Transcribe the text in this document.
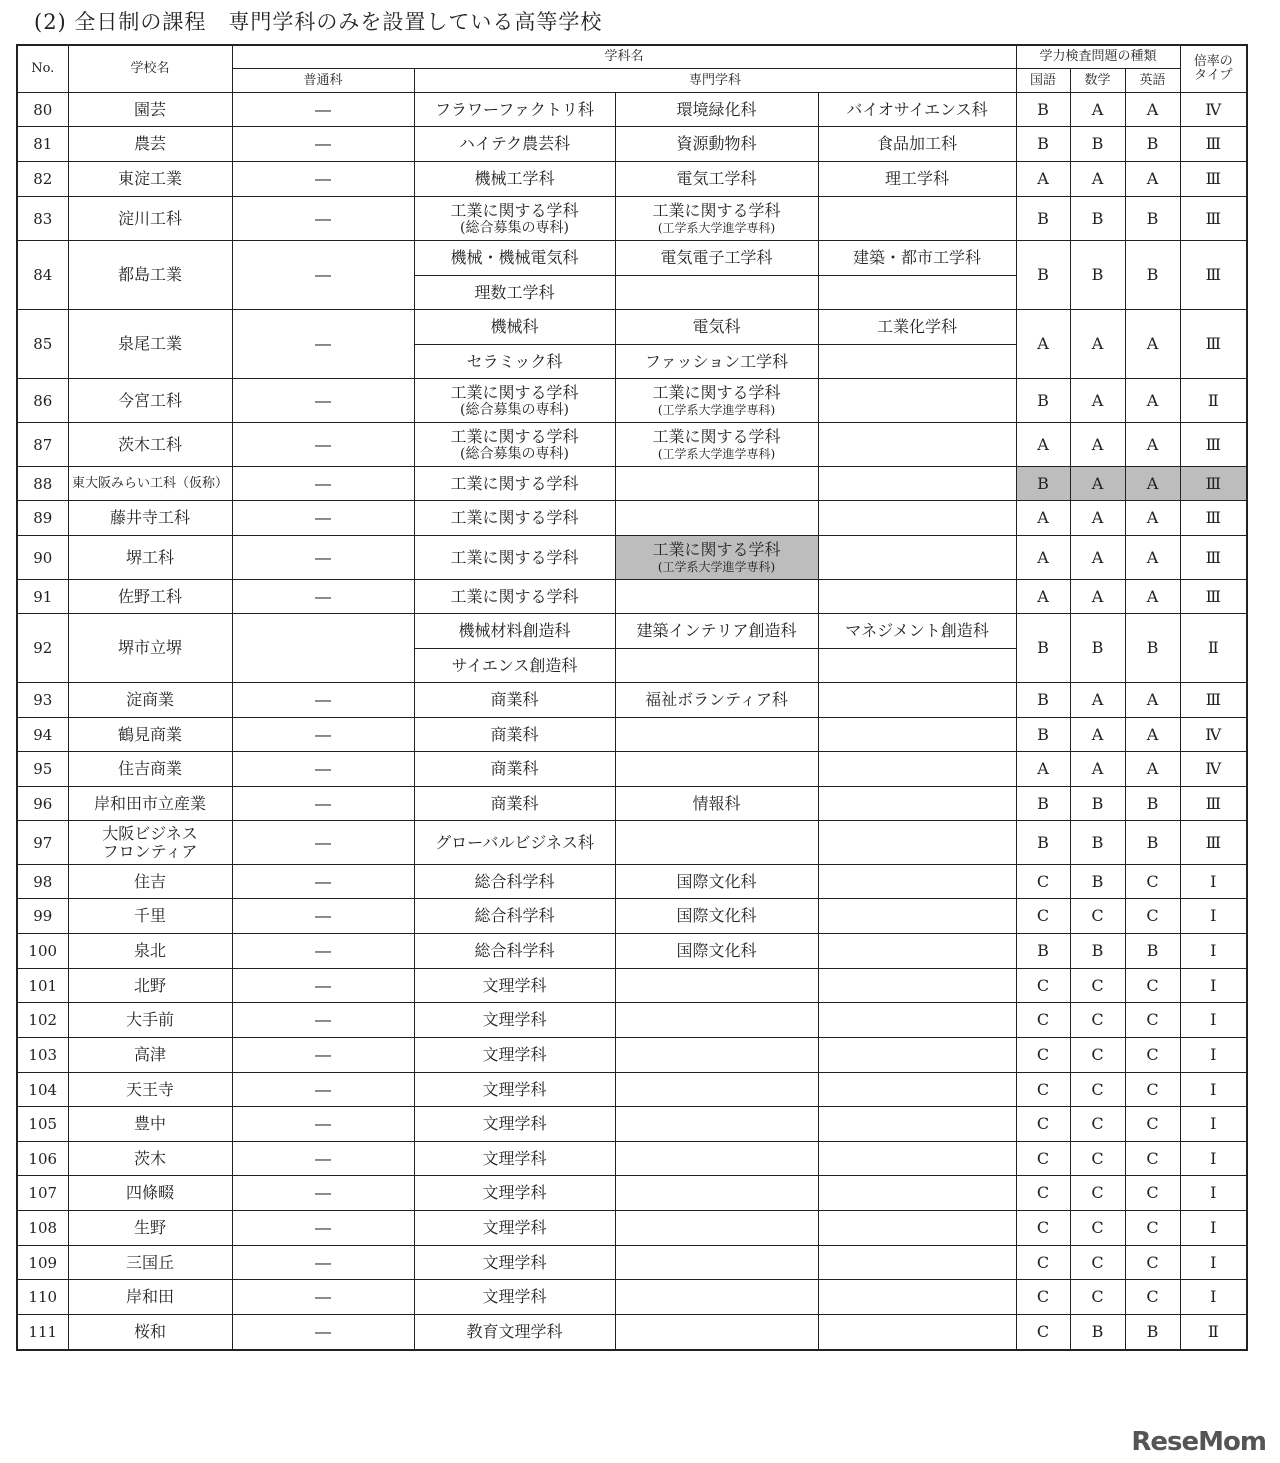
(2) 全日制の課程　専門学科のみを設置している高等学校
No.	学校名	学科名				学力検査問題の種類			倍率の
タイプ
		普通科	専門学科			国語	数学	英語	

80	園芸	―	フラワーファクトリ科	環境緑化科	バイオサイエンス科	B	A	A	Ⅳ
81	農芸	―	ハイテク農芸科	資源動物科	食品加工科	B	B	B	Ⅲ
82	東淀工業	―	機械工学科	電気工学科	理工学科	A	A	A	Ⅲ
83	淀川工科	―	工業に関する学科
(総合募集の専科)	工業に関する学科
(工学系大学進学専科)		B	B	B	Ⅲ
84	都島工業	―	機械・機械電気科	電気電子工学科	建築・都市工学科	B	B	B	Ⅲ
			理数工学科						
85	泉尾工業	―	機械科	電気科	工業化学科	A	A	A	Ⅲ
			セラミック科	ファッション工学科					
86	今宮工科	―	工業に関する学科
(総合募集の専科)	工業に関する学科
(工学系大学進学専科)		B	A	A	Ⅱ
87	茨木工科	―	工業に関する学科
(総合募集の専科)	工業に関する学科
(工学系大学進学専科)		A	A	A	Ⅲ
88	東大阪みらい工科（仮称）	―	工業に関する学科			B	A	A	Ⅲ
89	藤井寺工科	―	工業に関する学科			A	A	A	Ⅲ
90	堺工科	―	工業に関する学科	工業に関する学科
(工学系大学進学専科)		A	A	A	Ⅲ
91	佐野工科	―	工業に関する学科			A	A	A	Ⅲ
92	堺市立堺		機械材料創造科	建築インテリア創造科	マネジメント創造科	B	B	B	Ⅱ
			サイエンス創造科						
93	淀商業	―	商業科	福祉ボランティア科		B	A	A	Ⅲ
94	鶴見商業	―	商業科			B	A	A	Ⅳ
95	住吉商業	―	商業科			A	A	A	Ⅳ
96	岸和田市立産業	―	商業科	情報科		B	B	B	Ⅲ
97	大阪ビジネス
フロンティア	―	グローバルビジネス科			B	B	B	Ⅲ
98	住吉	―	総合科学科	国際文化科		C	B	C	Ⅰ
99	千里	―	総合科学科	国際文化科		C	C	C	Ⅰ
100	泉北	―	総合科学科	国際文化科		B	B	B	Ⅰ
101	北野	―	文理学科			C	C	C	Ⅰ
102	大手前	―	文理学科			C	C	C	Ⅰ
103	高津	―	文理学科			C	C	C	Ⅰ
104	天王寺	―	文理学科			C	C	C	Ⅰ
105	豊中	―	文理学科			C	C	C	Ⅰ
106	茨木	―	文理学科			C	C	C	Ⅰ
107	四條畷	―	文理学科			C	C	C	Ⅰ
108	生野	―	文理学科			C	C	C	Ⅰ
109	三国丘	―	文理学科			C	C	C	Ⅰ
110	岸和田	―	文理学科			C	C	C	Ⅰ
111	桜和	―	教育文理学科			C	B	B	Ⅱ
ReseMom
